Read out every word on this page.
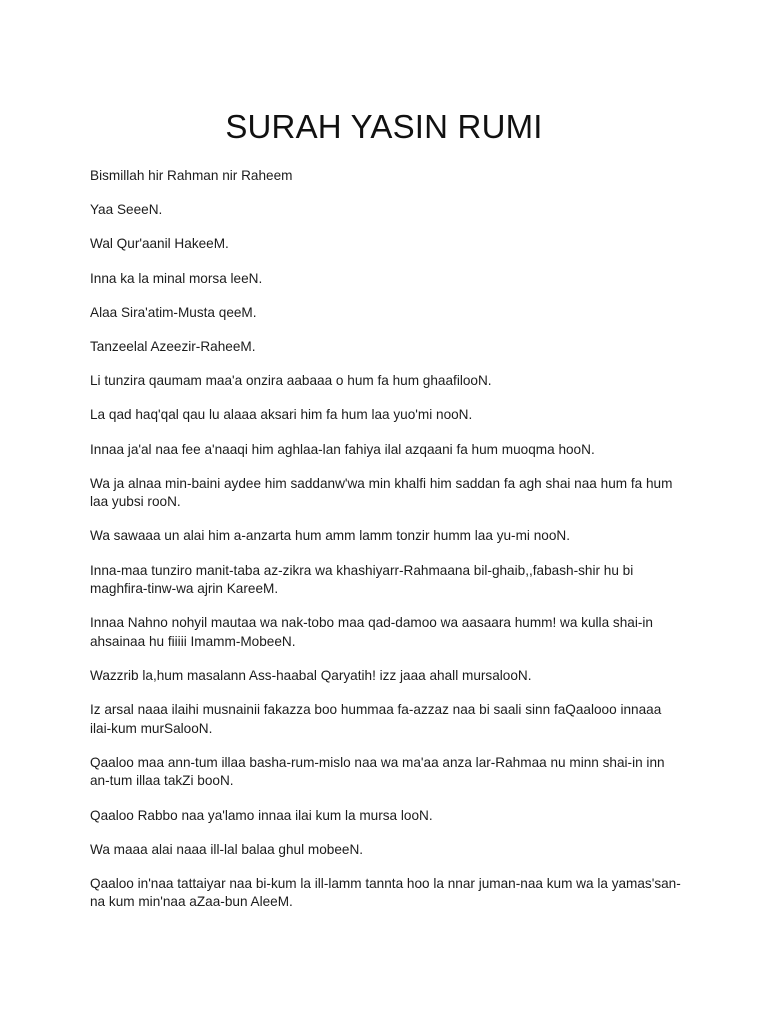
SURAH YASIN RUMI

Bismillah hir Rahman nir Raheem

Yaa SeeeN.

Wal Qur'aanil HakeeM.

Inna ka la minal morsa leeN.

Alaa Sira'atim-Musta qeeM.

Tanzeelal Azeezir-RaheeM.

Li tunzira qaumam maa'a onzira aabaaa o hum fa hum ghaafilooN.

La qad haq'qal qau lu alaaa aksari him fa hum laa yuo'mi nooN.

Innaa ja'al naa fee a'naaqi him aghlaa-lan fahiya ilal azqaani fa hum muoqma hooN.

Wa ja alnaa min-baini aydee him saddanw'wa min khalfi him saddan fa agh shai naa hum fa hum laa yubsi rooN.

Wa sawaaa un alai him a-anzarta hum amm lamm tonzir humm laa yu-mi nooN.

Inna-maa tunziro manit-taba az-zikra wa khashiyarr-Rahmaana bil-ghaib,,fabash-shir hu bi maghfira-tinw-wa ajrin KareeM.

Innaa Nahno nohyil mautaa wa nak-tobo maa qad-damoo wa aasaara humm! wa kulla shai-in ahsainaa hu fiiiii Imamm-MobeeN.

Wazzrib la,hum masalann Ass-haabal Qaryatih! izz jaaa ahall mursalooN.

Iz arsal naaa ilaihi musnainii fakazza boo hummaa fa-azzaz naa bi saali sinn faQaalooo innaaa ilai-kum murSalooN.

Qaaloo maa ann-tum illaa basha-rum-mislo naa wa ma'aa anza lar-Rahmaa nu minn shai-in inn an-tum illaa takZi booN.

Qaaloo Rabbo naa ya'lamo innaa ilai kum la mursa looN.

Wa maaa alai naaa ill-lal balaa ghul mobeeN.

Qaaloo in'naa tattaiyar naa bi-kum la ill-lamm tannta hoo la nnar juman-naa kum wa la yamas'san-na kum min'naa aZaa-bun AleeM.
